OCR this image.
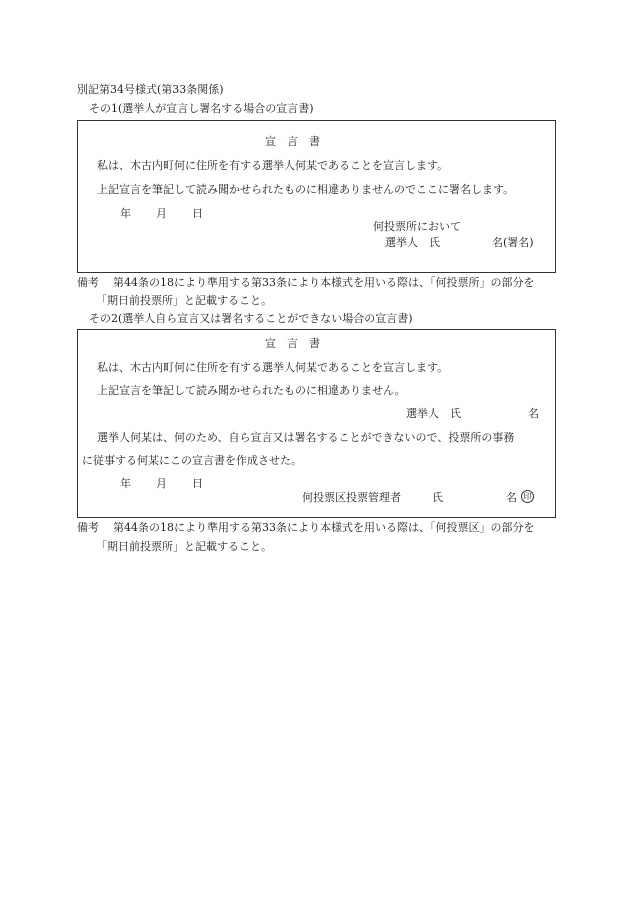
別記第34号様式(第33条関係)
その1(選挙人が宣言し署名する場合の宣言書)
宣　言　書
私は、木古内町何に住所を有する選挙人何某であることを宣言します。
上記宣言を筆記して読み聞かせられたものに相違ありませんのでここに署名します。
年 月 日
何投票所において
選挙人　氏	名(署名)
備考 第44条の18により準用する第33条により本様式を用いる際は、「何投票所」の部分を
「期日前投票所」と記載すること。
その2(選挙人自ら宣言又は署名することができない場合の宣言書)
宣　言　書
私は、木古内町何に住所を有する選挙人何某であることを宣言します。
上記宣言を筆記して読み聞かせられたものに相違ありません。
選挙人　氏	名
選挙人何某は、何のため、自ら宣言又は署名することができないので、投票所の事務
に従事する何某にこの宣言書を作成させた。
年 月 日
何投票区投票管理者	氏	名 印
備考 第44条の18により準用する第33条により本様式を用いる際は、「何投票区」の部分を
「期日前投票所」と記載すること。
